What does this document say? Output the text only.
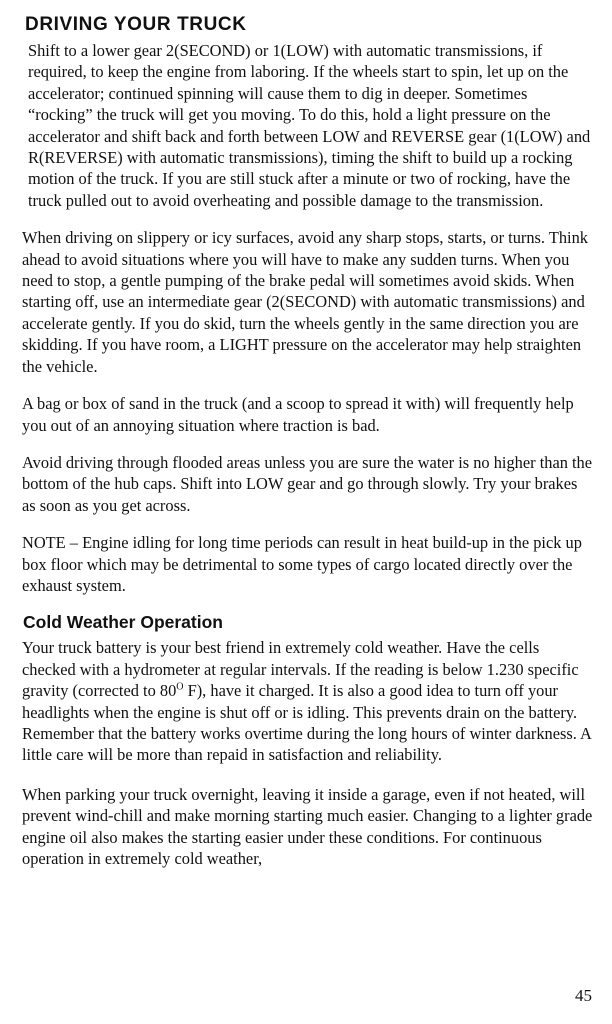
DRIVING YOUR TRUCK

Shift to a lower gear 2(SECOND) or 1(LOW) with automatic transmissions, if required, to keep the engine from laboring. If the wheels start to spin, let up on the accelerator; continued spinning will cause them to dig in deeper. Sometimes “rocking” the truck will get you moving. To do this, hold a light pressure on the accelerator and shift back and forth between LOW and REVERSE gear (1(LOW) and R(REVERSE) with automatic transmissions), timing the shift to build up a rocking motion of the truck. If you are still stuck after a minute or two of rocking, have the truck pulled out to avoid overheating and possible damage to the transmission.

When driving on slippery or icy surfaces, avoid any sharp stops, starts, or turns. Think ahead to avoid situations where you will have to make any sudden turns. When you need to stop, a gentle pumping of the brake pedal will sometimes avoid skids. When starting off, use an intermediate gear (2(SECOND) with automatic transmissions) and accelerate gently. If you do skid, turn the wheels gently in the same direction you are skidding. If you have room, a LIGHT pressure on the accelerator may help straighten the vehicle.

A bag or box of sand in the truck (and a scoop to spread it with) will frequently help you out of an annoying situation where traction is bad.

Avoid driving through flooded areas unless you are sure the water is no higher than the bottom of the hub caps. Shift into LOW gear and go through slowly. Try your brakes as soon as you get across.

NOTE – Engine idling for long time periods can result in heat build-up in the pick up box floor which may be detrimental to some types of cargo located directly over the exhaust system.

Cold Weather Operation

Your truck battery is your best friend in extremely cold weather. Have the cells checked with a hydrometer at regular intervals. If the reading is below 1.230 specific gravity (corrected to $80^O$ F), have it charged. It is also a good idea to turn off your headlights when the engine is shut off or is idling. This prevents drain on the battery. Remember that the battery works overtime during the long hours of winter darkness. A little care will be more than repaid in satisfaction and reliability.

When parking your truck overnight, leaving it inside a garage, even if not heated, will prevent wind-chill and make morning starting much easier. Changing to a lighter grade engine oil also makes the starting easier under these conditions. For continuous operation in extremely cold weather,

45
